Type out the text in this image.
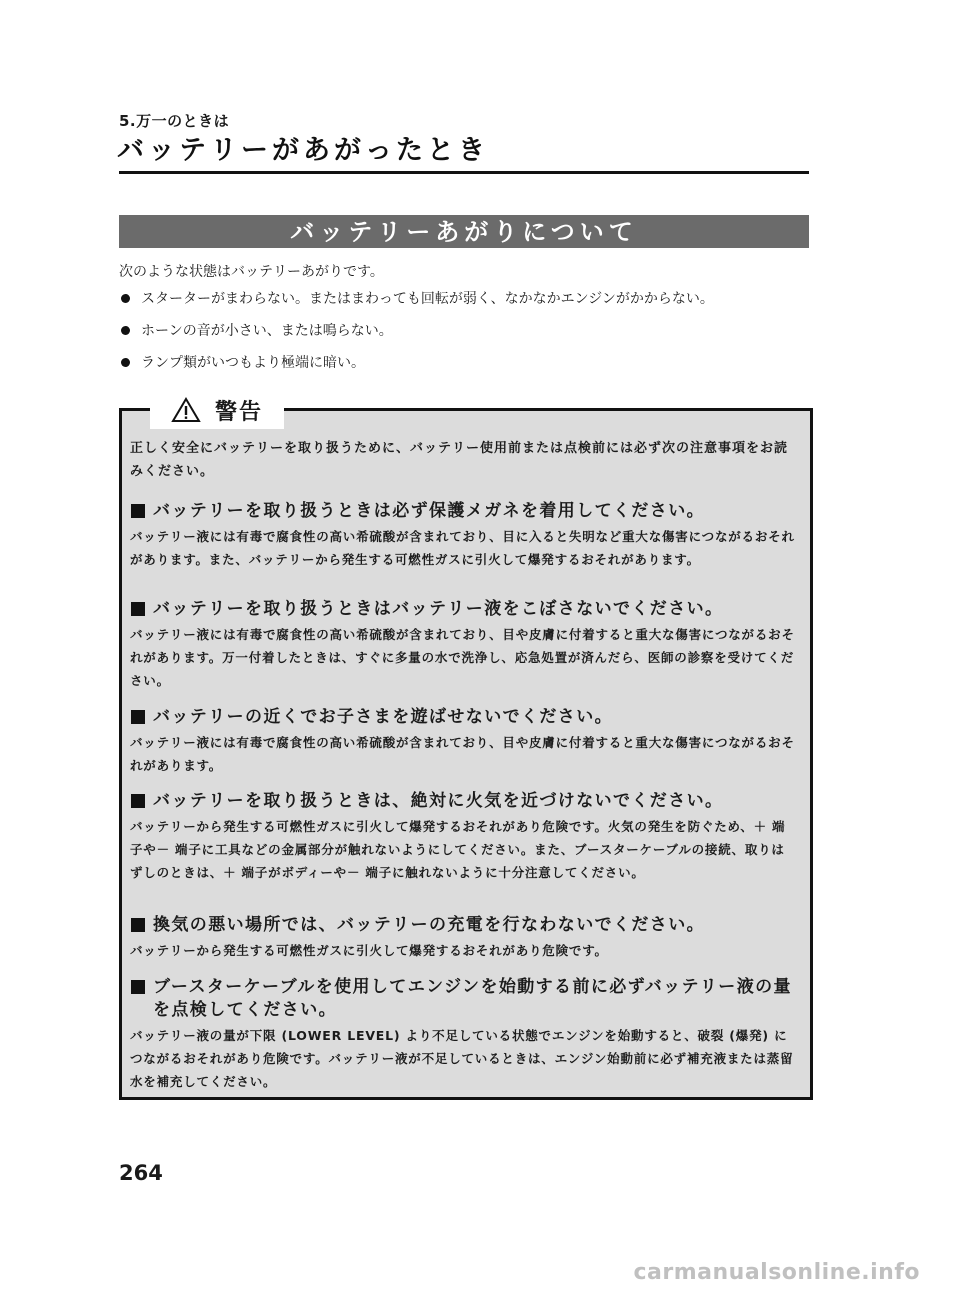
5.万一のときは
バッテリーがあがったとき
バッテリーあがりについて
次のような状態はバッテリーあがりです。
スターターがまわらない。またはまわっても回転が弱く、なかなかエンジンがかからない。
ホーンの音が小さい、または鳴らない。
ランプ類がいつもより極端に暗い。
警告
正しく安全にバッテリーを取り扱うために、バッテリー使用前または点検前には必ず次の注意事項をお読みください。
バッテリーを取り扱うときは必ず保護メガネを着用してください。
バッテリー液には有毒で腐食性の高い希硫酸が含まれており、目に入ると失明など重大な傷害につながるおそれがあります。また、バッテリーから発生する可燃性ガスに引火して爆発するおそれがあります。
バッテリーを取り扱うときはバッテリー液をこぼさないでください。
バッテリー液には有毒で腐食性の高い希硫酸が含まれており、目や皮膚に付着すると重大な傷害につながるおそれがあります。万一付着したときは、すぐに多量の水で洗浄し、応急処置が済んだら、医師の診察を受けてください。
バッテリーの近くでお子さまを遊ばせないでください。
バッテリー液には有毒で腐食性の高い希硫酸が含まれており、目や皮膚に付着すると重大な傷害につながるおそれがあります。
バッテリーを取り扱うときは、絶対に火気を近づけないでください。
バッテリーから発生する可燃性ガスに引火して爆発するおそれがあり危険です。火気の発生を防ぐため、＋ 端子や－ 端子に工具などの金属部分が触れないようにしてください。また、ブースターケーブルの接続、取りはずしのときは、＋ 端子がボディーや－ 端子に触れないように十分注意してください。
換気の悪い場所では、バッテリーの充電を行なわないでください。
バッテリーから発生する可燃性ガスに引火して爆発するおそれがあり危険です。
ブースターケーブルを使用してエンジンを始動する前に必ずバッテリー液の量を点検してください。
バッテリー液の量が下限 (LOWER LEVEL) より不足している状態でエンジンを始動すると、破裂 (爆発) につながるおそれがあり危険です。バッテリー液が不足しているときは、エンジン始動前に必ず補充液または蒸留水を補充してください。
264
carmanualsonline.info
